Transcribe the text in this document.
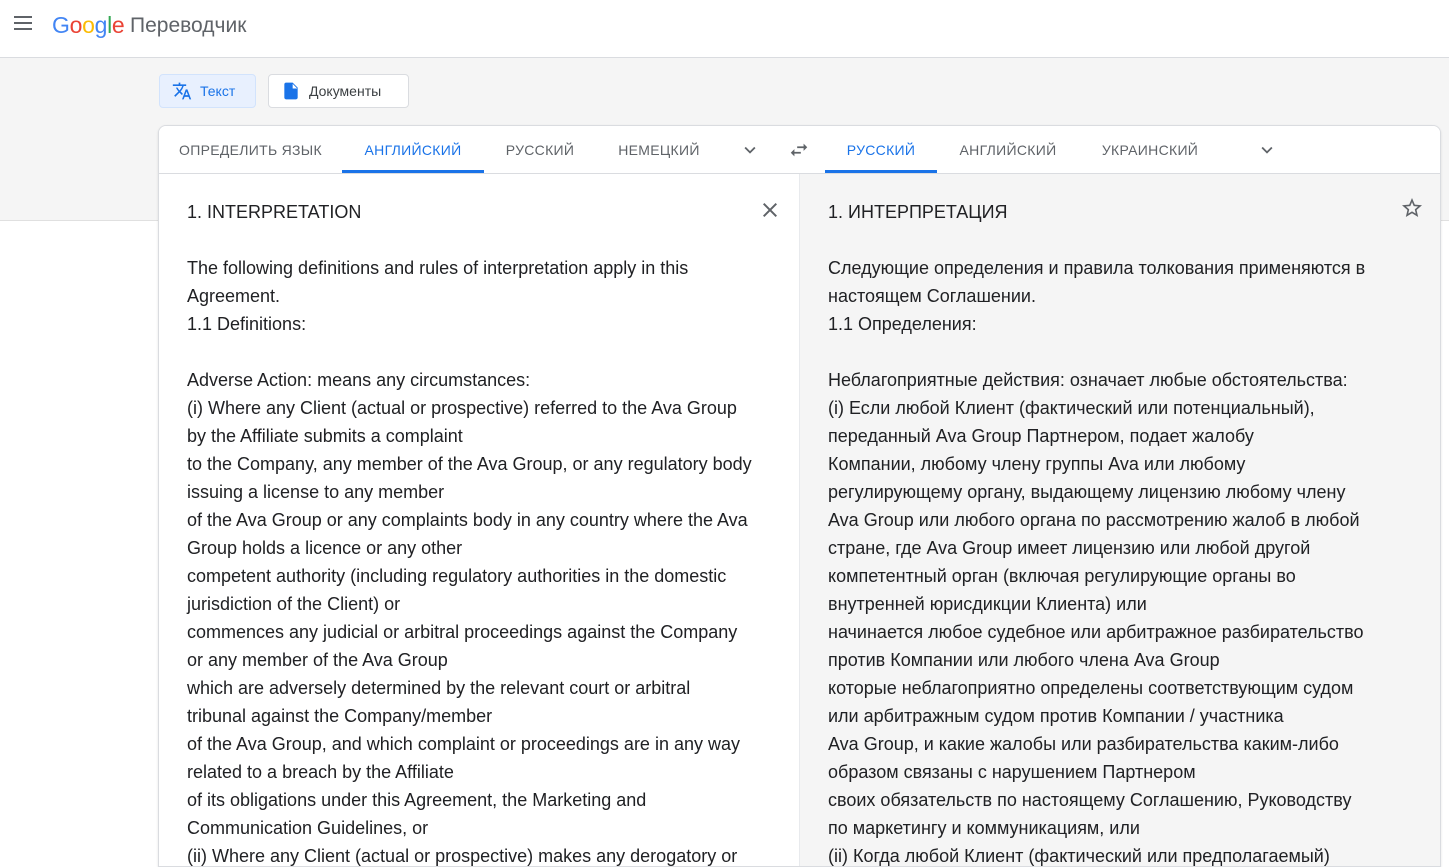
Google Переводчик
Текст	Документы
ОПРЕДЕЛИТЬ ЯЗЫК	АНГЛИЙСКИЙ	РУССКИЙ	НЕМЕЦКИЙ	РУССКИЙ	АНГЛИЙСКИЙ	УКРАИНСКИЙ
1. INTERPRETATION
The following definitions and rules of interpretation apply in this
Agreement.
1.1 Definitions:
Adverse Action: means any circumstances:
(i) Where any Client (actual or prospective) referred to the Ava Group
by the Affiliate submits a complaint
to the Company, any member of the Ava Group, or any regulatory body
issuing a license to any member
of the Ava Group or any complaints body in any country where the Ava
Group holds a licence or any other
competent authority (including regulatory authorities in the domestic
jurisdiction of the Client) or
commences any judicial or arbitral proceedings against the Company
or any member of the Ava Group
which are adversely determined by the relevant court or arbitral
tribunal against the Company/member
of the Ava Group, and which complaint or proceedings are in any way
related to a breach by the Affiliate
of its obligations under this Agreement, the Marketing and
Communication Guidelines, or
(ii) Where any Client (actual or prospective) makes any derogatory or
1. ИНТЕРПРЕТАЦИЯ
Следующие определения и правила толкования применяются в
настоящем Соглашении.
1.1 Определения:
Неблагоприятные действия: означает любые обстоятельства:
(i) Если любой Клиент (фактический или потенциальный),
переданный Ava Group Партнером, подает жалобу
Компании, любому члену группы Ava или любому
регулирующему органу, выдающему лицензию любому члену
Ava Group или любого органа по рассмотрению жалоб в любой
стране, где Ava Group имеет лицензию или любой другой
компетентный орган (включая регулирующие органы во
внутренней юрисдикции Клиента) или
начинается любое судебное или арбитражное разбирательство
против Компании или любого члена Ava Group
которые неблагоприятно определены соответствующим судом
или арбитражным судом против Компании / участника
Ava Group, и какие жалобы или разбирательства каким-либо
образом связаны с нарушением Партнером
своих обязательств по настоящему Соглашению, Руководству
по маркетингу и коммуникациям, или
(ii) Когда любой Клиент (фактический или предполагаемый)
